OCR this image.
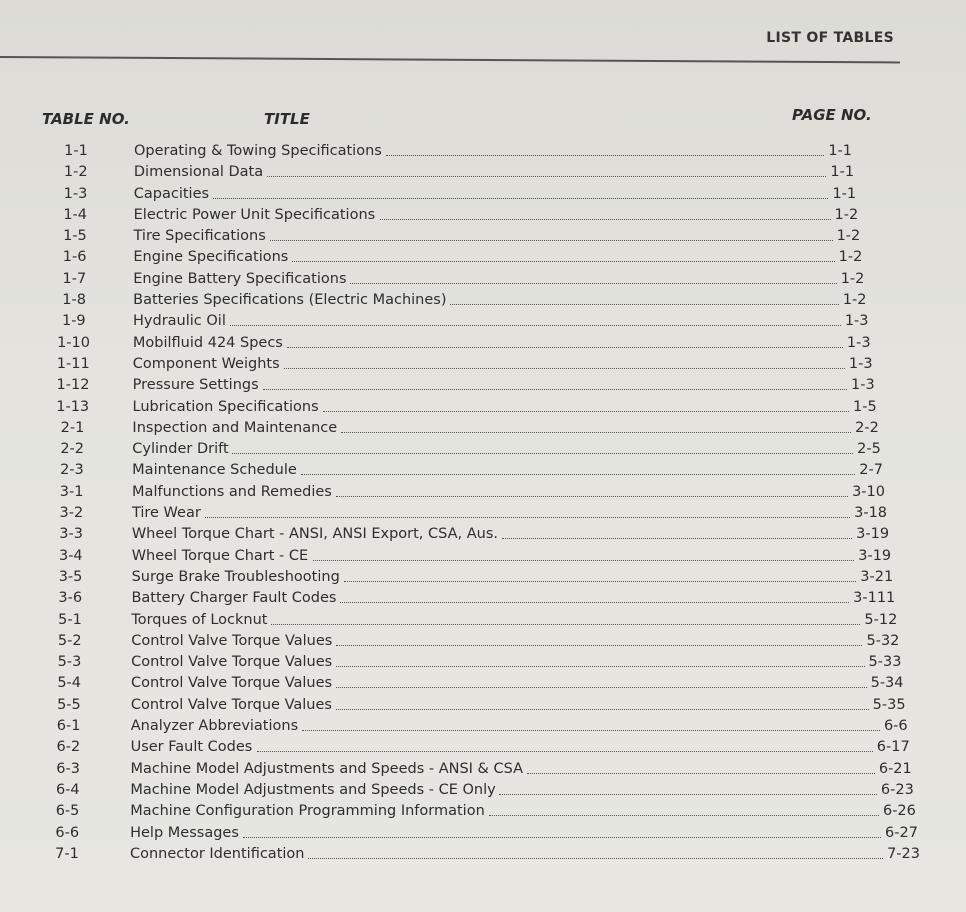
LIST OF TABLES
TABLE NO.	TITLE	PAGE NO.
1-1	Operating & Towing Specifications	1-1
1-2	Dimensional Data	1-1
1-3	Capacities	1-1
1-4	Electric Power Unit Specifications	1-2
1-5	Tire Specifications	1-2
1-6	Engine Specifications	1-2
1-7	Engine Battery Specifications	1-2
1-8	Batteries Specifications (Electric Machines)	1-2
1-9	Hydraulic Oil	1-3
1-10	Mobilfluid 424 Specs	1-3
1-11	Component Weights	1-3
1-12	Pressure Settings	1-3
1-13	Lubrication Specifications	1-5
2-1	Inspection and Maintenance	2-2
2-2	Cylinder Drift	2-5
2-3	Maintenance Schedule	2-7
3-1	Malfunctions and Remedies	3-10
3-2	Tire Wear	3-18
3-3	Wheel Torque Chart - ANSI, ANSI Export, CSA, Aus.	3-19
3-4	Wheel Torque Chart - CE	3-19
3-5	Surge Brake Troubleshooting	3-21
3-6	Battery Charger Fault Codes	3-111
5-1	Torques of Locknut	5-12
5-2	Control Valve Torque Values	5-32
5-3	Control Valve Torque Values	5-33
5-4	Control Valve Torque Values	5-34
5-5	Control Valve Torque Values	5-35
6-1	Analyzer Abbreviations	6-6
6-2	User Fault Codes	6-17
6-3	Machine Model Adjustments and Speeds - ANSI & CSA	6-21
6-4	Machine Model Adjustments and Speeds - CE Only	6-23
6-5	Machine Configuration Programming Information	6-26
6-6	Help Messages	6-27
7-1	Connector Identification	7-23
